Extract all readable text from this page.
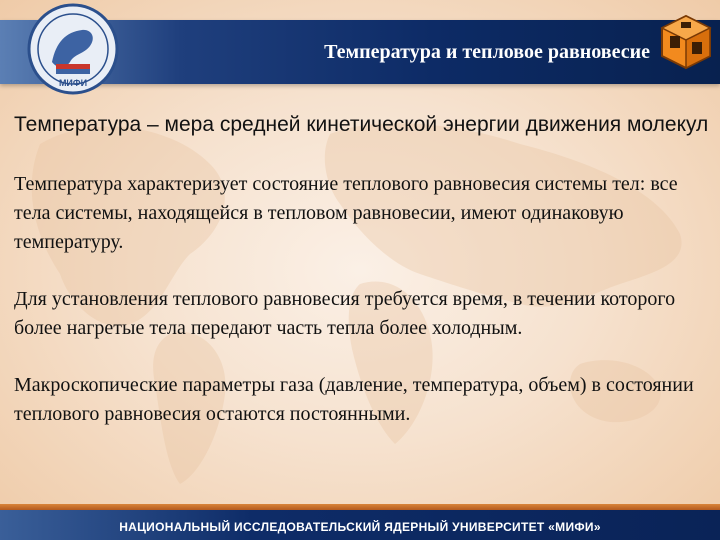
МИФИ
Температура и тепловое равновесие

Температура – мера средней кинетической энергии движения молекул

Температура характеризует состояние теплового равновесия системы тел: все тела системы, находящейся в тепловом равновесии, имеют одинаковую температуру.

Для установления теплового равновесия требуется время, в течении которого более нагретые тела передают часть тепла более холодным.

Макроскопические параметры газа (давление, температура, объем) в состоянии теплового равновесия остаются постоянными.

НАЦИОНАЛЬНЫЙ ИССЛЕДОВАТЕЛЬСКИЙ ЯДЕРНЫЙ УНИВЕРСИТЕТ «МИФИ»
